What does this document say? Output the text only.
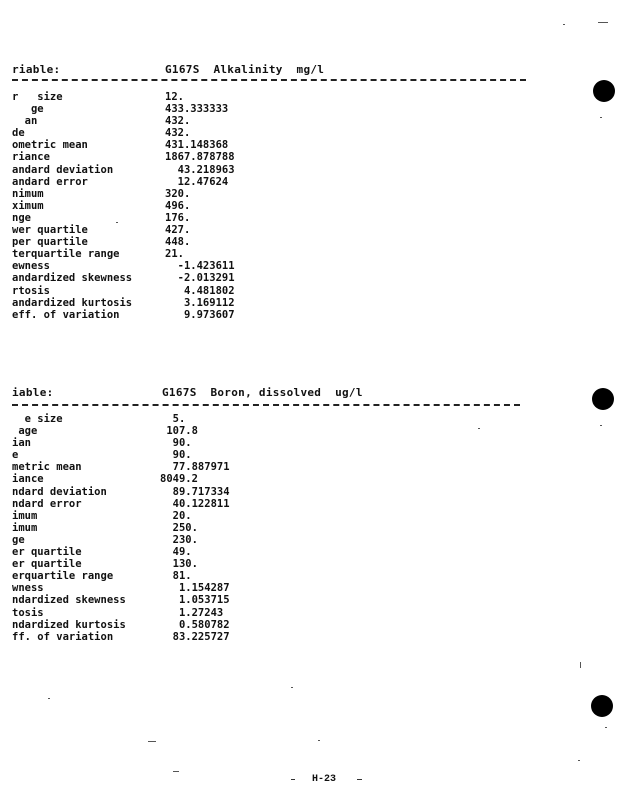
riable:	G167S  Alkalinity  mg/l
r   size	12.
ge	433.333333
an	432.
de	432.
ometric mean	431.148368
riance	1867.878788
andard deviation	43.218963
andard error	12.47624
nimum	320.
ximum	496.
nge	176.
wer quartile	427.
per quartile	448.
terquartile range	21.
ewness	-1.423611
andardized skewness	-2.013291
rtosis	4.481802
andardized kurtosis	3.169112
eff. of variation	9.973607
iable:	G167S  Boron, dissolved  ug/l
e size	5.
age	107.8
ian	90.
e	90.
metric mean	77.887971
iance	8049.2
ndard deviation	89.717334
ndard error	40.122811
imum	20.
imum	250.
ge	230.
er quartile	49.
er quartile	130.
erquartile range	81.
wness	1.154287
ndardized skewness	1.053715
tosis	1.27243
ndardized kurtosis	0.580782
ff. of variation	83.225727
H-23
